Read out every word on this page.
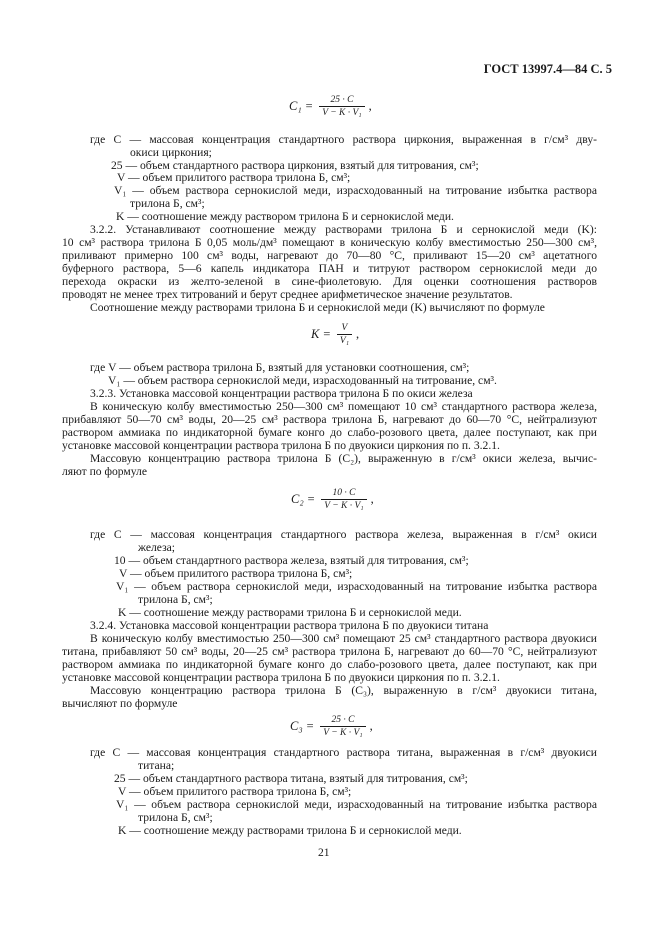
ГОСТ 13997.4—84 С. 5
$C_1 = \frac{25 \cdot C}{\text{V − K · V₁}}$ ,
где C — массовая концентрация стандартного раствора циркония, выраженная в г/см³ дву-
окиси циркония;
25 — объем стандартного раствора циркония, взятый для титрования, см³;
V — объем прилитого раствора трилона Б, см³;
V₁ — объем раствора сернокислой меди, израсходованный на титрование избытка раствора
трилона Б, см³;
K — соотношение между раствором трилона Б и сернокислой меди.
3.2.2. Устанавливают соотношение между растворами трилона Б и сернокислой меди (K):
10 см³ раствора трилона Б 0,05 моль/дм³ помещают в коническую колбу вместимостью 250—300 см³,
приливают примерно 100 см³ воды, нагревают до 70—80 °С, приливают 15—20 см³ ацетатного
буферного раствора, 5—6 капель индикатора ПАН и титруют раствором сернокислой меди до
перехода окраски из желто-зеленой в сине-фиолетовую. Для оценки соотношения растворов
проводят не менее трех титрований и берут среднее арифметическое значение результатов.
Соотношение между растворами трилона Б и сернокислой меди (K) вычисляют по формуле
$K = \frac{V}{\text{V₁}}$ ,
где V — объем раствора трилона Б, взятый для установки соотношения, см³;
V₁ — объем раствора сернокислой меди, израсходованный на титрование, см³.
3.2.3. Установка массовой концентрации раствора трилона Б по окиси железа
В коническую колбу вместимостью 250—300 см³ помещают 10 см³ стандартного раствора железа,
прибавляют 50—70 см³ воды, 20—25 см³ раствора трилона Б, нагревают до 60—70 °С, нейтрализуют
раствором аммиака по индикаторной бумаге конго до слабо-розового цвета, далее поступают, как при
установке массовой концентрации раствора трилона Б по двуокиси циркония по п. 3.2.1.
Массовую концентрацию раствора трилона Б (C₂), выраженную в г/см³ окиси железа, вычис-
ляют по формуле
$C_2 = \frac{10 \cdot C}{\text{V − K · V₁}}$ ,
где C — массовая концентрация стандартного раствора железа, выраженная в г/см³ окиси
железа;
10 — объем стандартного раствора железа, взятый для титрования, см³;
V — объем прилитого раствора трилона Б, см³;
V₁ — объем раствора сернокислой меди, израсходованный на титрование избытка раствора
трилона Б, см³;
K — соотношение между растворами трилона Б и сернокислой меди.
3.2.4. Установка массовой концентрации раствора трилона Б по двуокиси титана
В коническую колбу вместимостью 250—300 см³ помещают 25 см³ стандартного раствора двуокиси
титана, прибавляют 50 см³ воды, 20—25 см³ раствора трилона Б, нагревают до 60—70 °С, нейтрализуют
раствором аммиака по индикаторной бумаге конго до слабо-розового цвета, далее поступают, как при
установке массовой концентрации раствора трилона Б по двуокиси циркония по п. 3.2.1.
Массовую концентрацию раствора трилона Б (C₃), выраженную в г/см³ двуокиси титана,
вычисляют по формуле
$C_3 = \frac{25 \cdot C}{\text{V − K · V₁}}$ ,
где C — массовая концентрация стандартного раствора титана, выраженная в г/см³ двуокиси
титана;
25 — объем стандартного раствора титана, взятый для титрования, см³;
V — объем прилитого раствора трилона Б, см³;
V₁ — объем раствора сернокислой меди, израсходованный на титрование избытка раствора
трилона Б, см³;
K — соотношение между растворами трилона Б и сернокислой меди.
21
